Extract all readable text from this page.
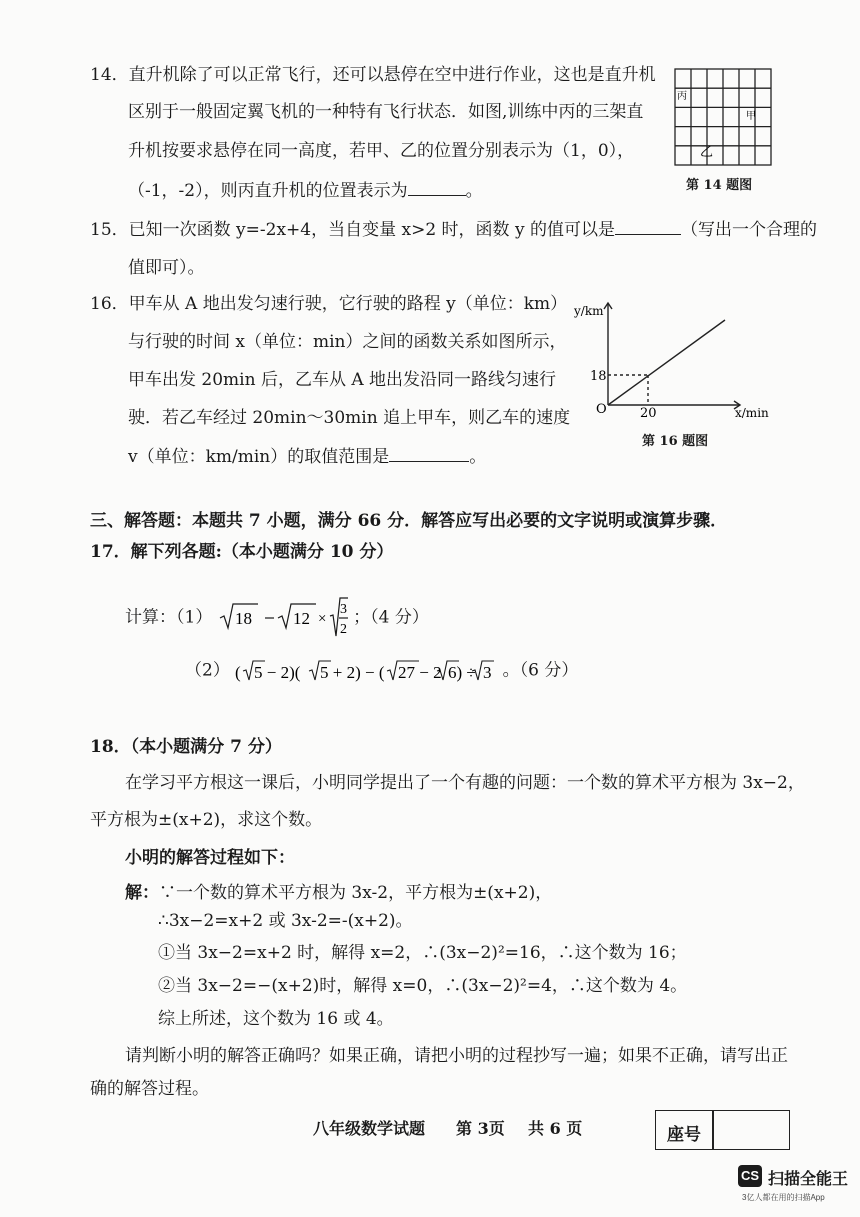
14．直升机除了可以正常飞行，还可以悬停在空中进行作业，这也是直升机
区别于一般固定翼飞机的一种特有飞行状态．如图,训练中丙的三架直
升机按要求悬停在同一高度，若甲、乙的位置分别表示为（1，0），
（-1，-2），则丙直升机的位置表示为	。
丙
甲
乙
第 14 题图
15．已知一次函数 y=-2x+4，当自变量 x>2 时，函数 y 的值可以是	（写出一个合理的
值即可）。
16．甲车从 A 地出发匀速行驶，它行驶的路程 y（单位：km）
与行驶的时间 x（单位：min）之间的函数关系如图所示，
甲车出发 20min 后，乙车从 A 地出发沿同一路线匀速行
驶．若乙车经过 20min～30min 追上甲车，则乙车的速度
v（单位：km/min）的取值范围是	。
y/km
x/min
O
18
20
第 16 题图
三、解答题：本题共 7 小题，满分 66 分．解答应写出必要的文字说明或演算步骤．
17．解下列各题:（本小题满分 10 分）
计算：（1） 18 12 ×
3
2
；（4 分）
（2） ( 5 − 2)( 5 + 2) − ( 27 − 2 6) ÷ 3 。（6 分）
18．（本小题满分 7 分）
在学习平方根这一课后，小明同学提出了一个有趣的问题：一个数的算术平方根为 3x−2，
平方根为±(x+2)，求这个数。
小明的解答过程如下：
解：∵一个数的算术平方根为 3x-2，平方根为±(x+2)，
∴3x−2=x+2 或 3x-2=-(x+2)。
①当 3x−2=x+2 时，解得 x=2，∴(3x−2)²=16，∴这个数为 16；
②当 3x−2=−(x+2)时，解得 x=0，∴(3x−2)²=4，∴这个数为 4。
综上所述，这个数为 16 或 4。
请判断小明的解答正确吗？如果正确，请把小明的过程抄写一遍；如果不正确，请写出正
确的解答过程。
八年级数学试题 第 3页 共 6 页	座号
CS 扫描全能王
3亿人都在用的扫描App
